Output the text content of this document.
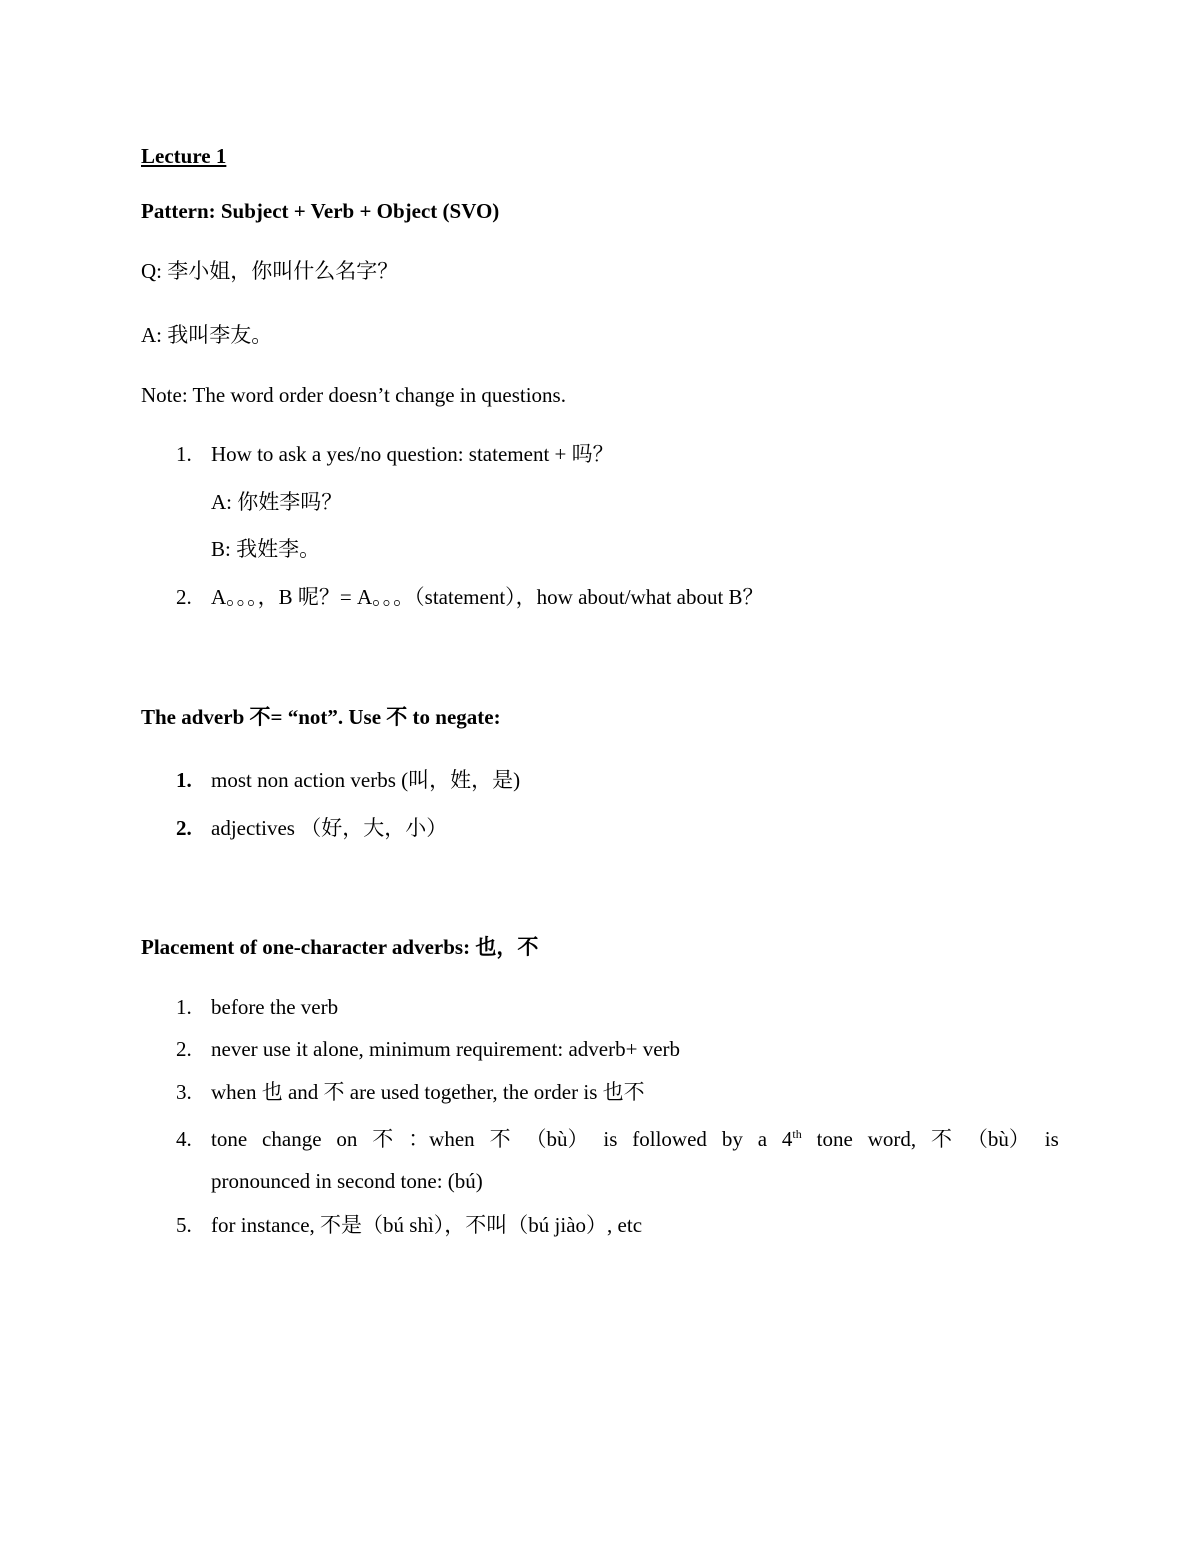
Lecture 1
Pattern: Subject + Verb + Object (SVO)
Q: 李小姐，你叫什么名字？
A: 我叫李友。
Note: The word order doesn’t change in questions.
1. How to ask a yes/no question: statement + 吗？
A: 你姓李吗？
B: 我姓李。
2. A。。。，B 呢？= A。。。（statement），how about/what about B？
The adverb 不= “not”. Use 不 to negate:
1. most non action verbs (叫，姓，是)
2. adjectives （好，大，小）
Placement of one-character adverbs: 也，不
1. before the verb
2. never use it alone, minimum requirement: adverb+ verb
3. when 也 and 不 are used together, the order is 也不
4. tone change on 不 ：when 不 （bù） is followed by a 4th tone word, 不 （bù） is
pronounced in second tone: (bú)
5. for instance, 不是（bú shì），不叫（bú jiào）, etc
